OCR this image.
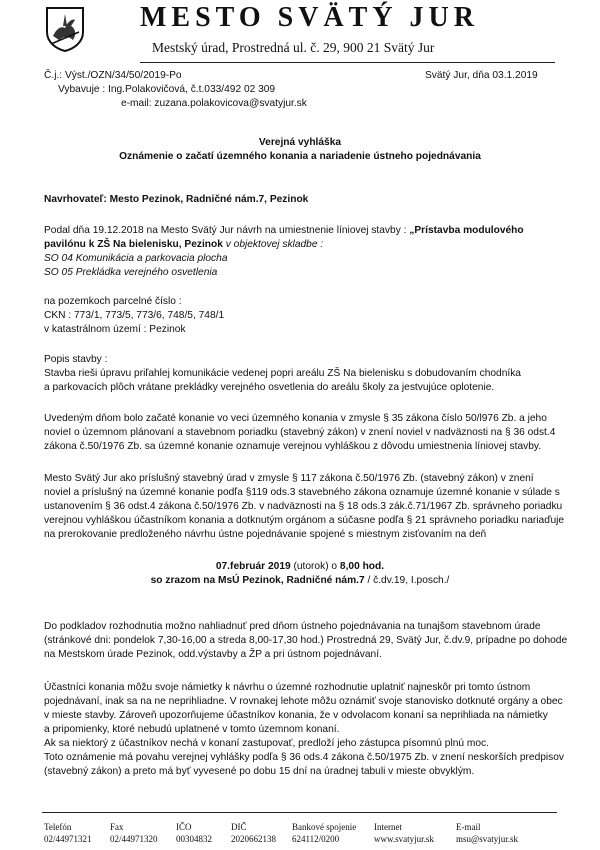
MESTO SVÄTÝ JUR
Mestský úrad, Prostredná ul. č. 29, 900 21 Svätý Jur
Č.j.: Výst./OZN/34/50/2019-Po
Vybavuje : Ing.Polakovičová, č.t.033/492 02 309
e-mail: zuzana.polakovicova@svatyjur.sk
Svätý Jur, dňa 03.1.2019
Verejná vyhláška
Oznámenie o začatí územného konania a nariadenie ústneho pojednávania
Navrhovateľ: Mesto Pezinok, Radničné nám.7, Pezinok
Podal dňa 19.12.2018 na Mesto Svätý Jur návrh na umiestnenie líniovej stavby : „Prístavba modulového
pavilónu k ZŠ Na bielenisku, Pezinok v objektovej skladbe :
SO 04 Komunikácia a parkovacia plocha
SO 05 Prekládka verejného osvetlenia
na pozemkoch parcelné číslo :
CKN : 773/1, 773/5, 773/6, 748/5, 748/1
v katastrálnom území : Pezinok
Popis stavby :
Stavba rieši úpravu priľahlej komunikácie vedenej popri areálu ZŠ Na bielenisku s dobudovaním chodníka
a parkovacích plôch vrátane prekládky verejného osvetlenia do areálu školy za jestvujúce oplotenie.
Uvedeným dňom bolo začaté konanie vo veci územného konania v zmysle § 35 zákona číslo 50/l976 Zb. a jeho
novieI o územnom plánovaní a stavebnom poriadku (stavebný zákon) v znení noviel v nadväznosti na § 36 odst.4
zákona č.50/1976 Zb. sa územné konanie oznamuje verejnou vyhláškou z dôvodu umiestnenia líniovej stavby.
Mesto Svätý Jur ako príslušný stavebný úrad v zmysle § 117 zákona č.50/1976 Zb. (stavebný zákon) v znení
noviel a príslušný na územné konanie podľa §119 ods.3 stavebného zákona oznamuje územné konanie v súlade s
ustanovením § 36 odst.4 zákona č.50/1976 Zb. v nadväznosti na § 18 ods.3 zák.č.71/1967 Zb. správneho poriadku
verejnou vyhláškou účastníkom konania a dotknutým orgánom a súčasne podľa § 21 správneho poriadku nariaďuje
na prerokovanie predloženého návrhu ústne pojednávanie spojené s miestnym zisťovaním na deň
07.február 2019 (utorok) o 8,00 hod.
so zrazom na MsÚ Pezinok, Radničné nám.7 / č.dv.19, I.posch./
Do podkladov rozhodnutia možno nahliadnuť pred dňom ústneho pojednávania na tunajšom stavebnom úrade
(stránkové dni: pondelok 7,30-16,00 a streda 8,00-17,30 hod.) Prostredná 29, Svätý Jur, č.dv.9, prípadne po dohode
na Mestskom úrade Pezinok, odd.výstavby a ŽP a pri ústnom pojednávaní.
Účastníci konania môžu svoje námietky k návrhu o územné rozhodnutie uplatniť najneskôr pri tomto ústnom
pojednávaní, inak sa na ne neprihliadne. V rovnakej lehote môžu oznámiť svoje stanovisko dotknuté orgány a obec
v mieste stavby. Zároveň upozorňujeme účastníkov konania, že v odvolacom konaní sa neprihliada na námietky
a pripomienky, ktoré nebudú uplatnené v tomto územnom konaní.
Ak sa niektorý z účastníkov nechá v konaní zastupovať, predloží jeho zástupca písomnú plnú moc.
Toto oznámenie má povahu verejnej vyhlášky podľa § 36 ods.4 zákona č.50/1975 Zb. v znení neskorších predpisov
(stavebný zákon) a preto má byť vyvesené po dobu 15 dní na úradnej tabuli v mieste obvyklým.
Telefón
02/44971321
Fax
02/44971320
IČO
00304832
DIČ
2020662138
Bankové spojenie
624112/0200
Internet
www.svatyjur.sk
E-mail
msu@svatyjur.sk
